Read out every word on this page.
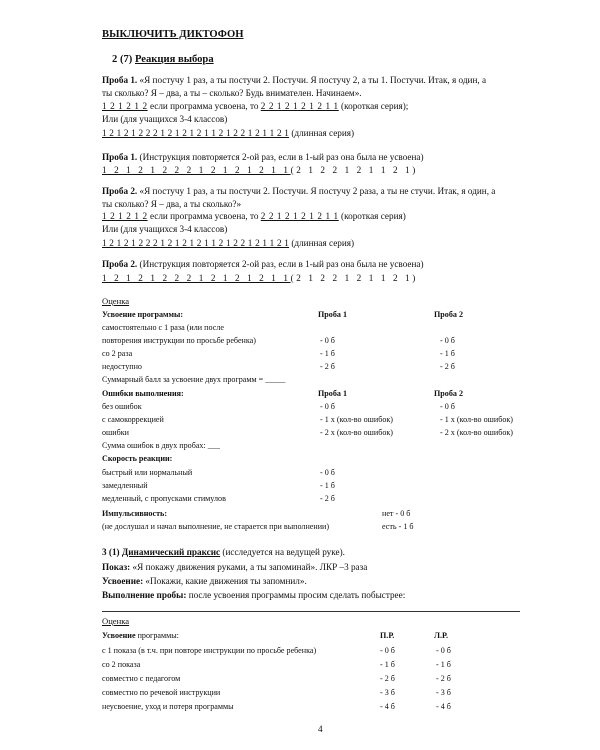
ВЫКЛЮЧИТЬ ДИКТОФОН
2 (7) Реакция выбора
Проба 1. «Я постучу 1 раз, а ты постучи 2. Постучи. Я постучу 2, а ты 1. Постучи. Итак, я один, а
ты сколько? Я – два, а ты – сколько? Будь внимателен. Начинаем».
1 2 1 2 1 2 если программа усвоена, то 2 2 1 2 1 2 1 2 1 1 (короткая серия);
Или (для учащихся 3-4 классов)
1 2 1 2 1 2 2 2 1 2 1 2 1 2 1 1 2 1 2 2 1 2 1 1 2 1 (длинная серия)
Проба 1. (Инструкция повторяется 2-ой раз, если в 1-ый раз она была не усвоена)
1 2 1 2 1 2 2 2 1 2 1 2 1 2 1 1(2 1 2 2 1 2 1 1 2 1)
Проба 2. «Я постучу 1 раз, а ты постучи 2. Постучи. Я постучу 2 раза, а ты не стучи. Итак, я один, а
ты сколько? Я – два, а ты сколько?»
1 2 1 2 1 2 если программа усвоена, то 2 2 1 2 1 2 1 2 1 1 (короткая серия)
Или (для учащихся 3-4 классов)
1 2 1 2 1 2 2 2 1 2 1 2 1 2 1 1 2 1 2 2 1 2 1 1 2 1 (длинная серия)
Проба 2. (Инструкция повторяется 2-ой раз, если в 1-ый раз она была не усвоена)
1 2 1 2 1 2 2 2 1 2 1 2 1 2 1 1(2 1 2 2 1 2 1 1 2 1)
Оценка
Усвоение программы:	Проба 1	Проба 2
самостоятельно с 1 раза (или после
повторения инструкции по просьбе ребенка)	- 0 б	- 0 б
со 2 раза	- 1 б	- 1 б
недоступно	- 2 б	- 2 б
Суммарный балл за усвоение двух программ = _____
Ошибки выполнения:	Проба 1	Проба 2
без ошибок	- 0 б	- 0 б
с самокоррекцией	- 1 х (кол-во ошибок)	- 1 х (кол-во ошибок)
ошибки	- 2 х (кол-во ошибок)	- 2 х (кол-во ошибок)
Сумма ошибок в двух пробах: ___
Скорость реакции:
быстрый или нормальный	- 0 б
замедленный	- 1 б
медленный, с пропусками стимулов	- 2 б
Импульсивность:	нет - 0 б
(не дослушал и начал выполнение, не старается при выполнении)	есть - 1 б
3 (1) Динамический праксис (исследуется на ведущей руке).
Показ: «Я покажу движения руками, а ты запоминай». ЛКР –3 раза
Усвоение: «Покажи, какие движения ты запомнил».
Выполнение пробы: после усвоения программы просим сделать побыстрее:
Оценка
Усвоение программы:	П.Р.	Л.Р.
с 1 показа (в т.ч. при повторе инструкции по просьбе ребенка)	- 0 б	- 0 б
со 2 показа	- 1 б	- 1 б
совместно с педагогом	- 2 б	- 2 б
совместно по речевой инструкции	- 3 б	- 3 б
неусвоение, уход и потеря программы	- 4 б	- 4 б
4
